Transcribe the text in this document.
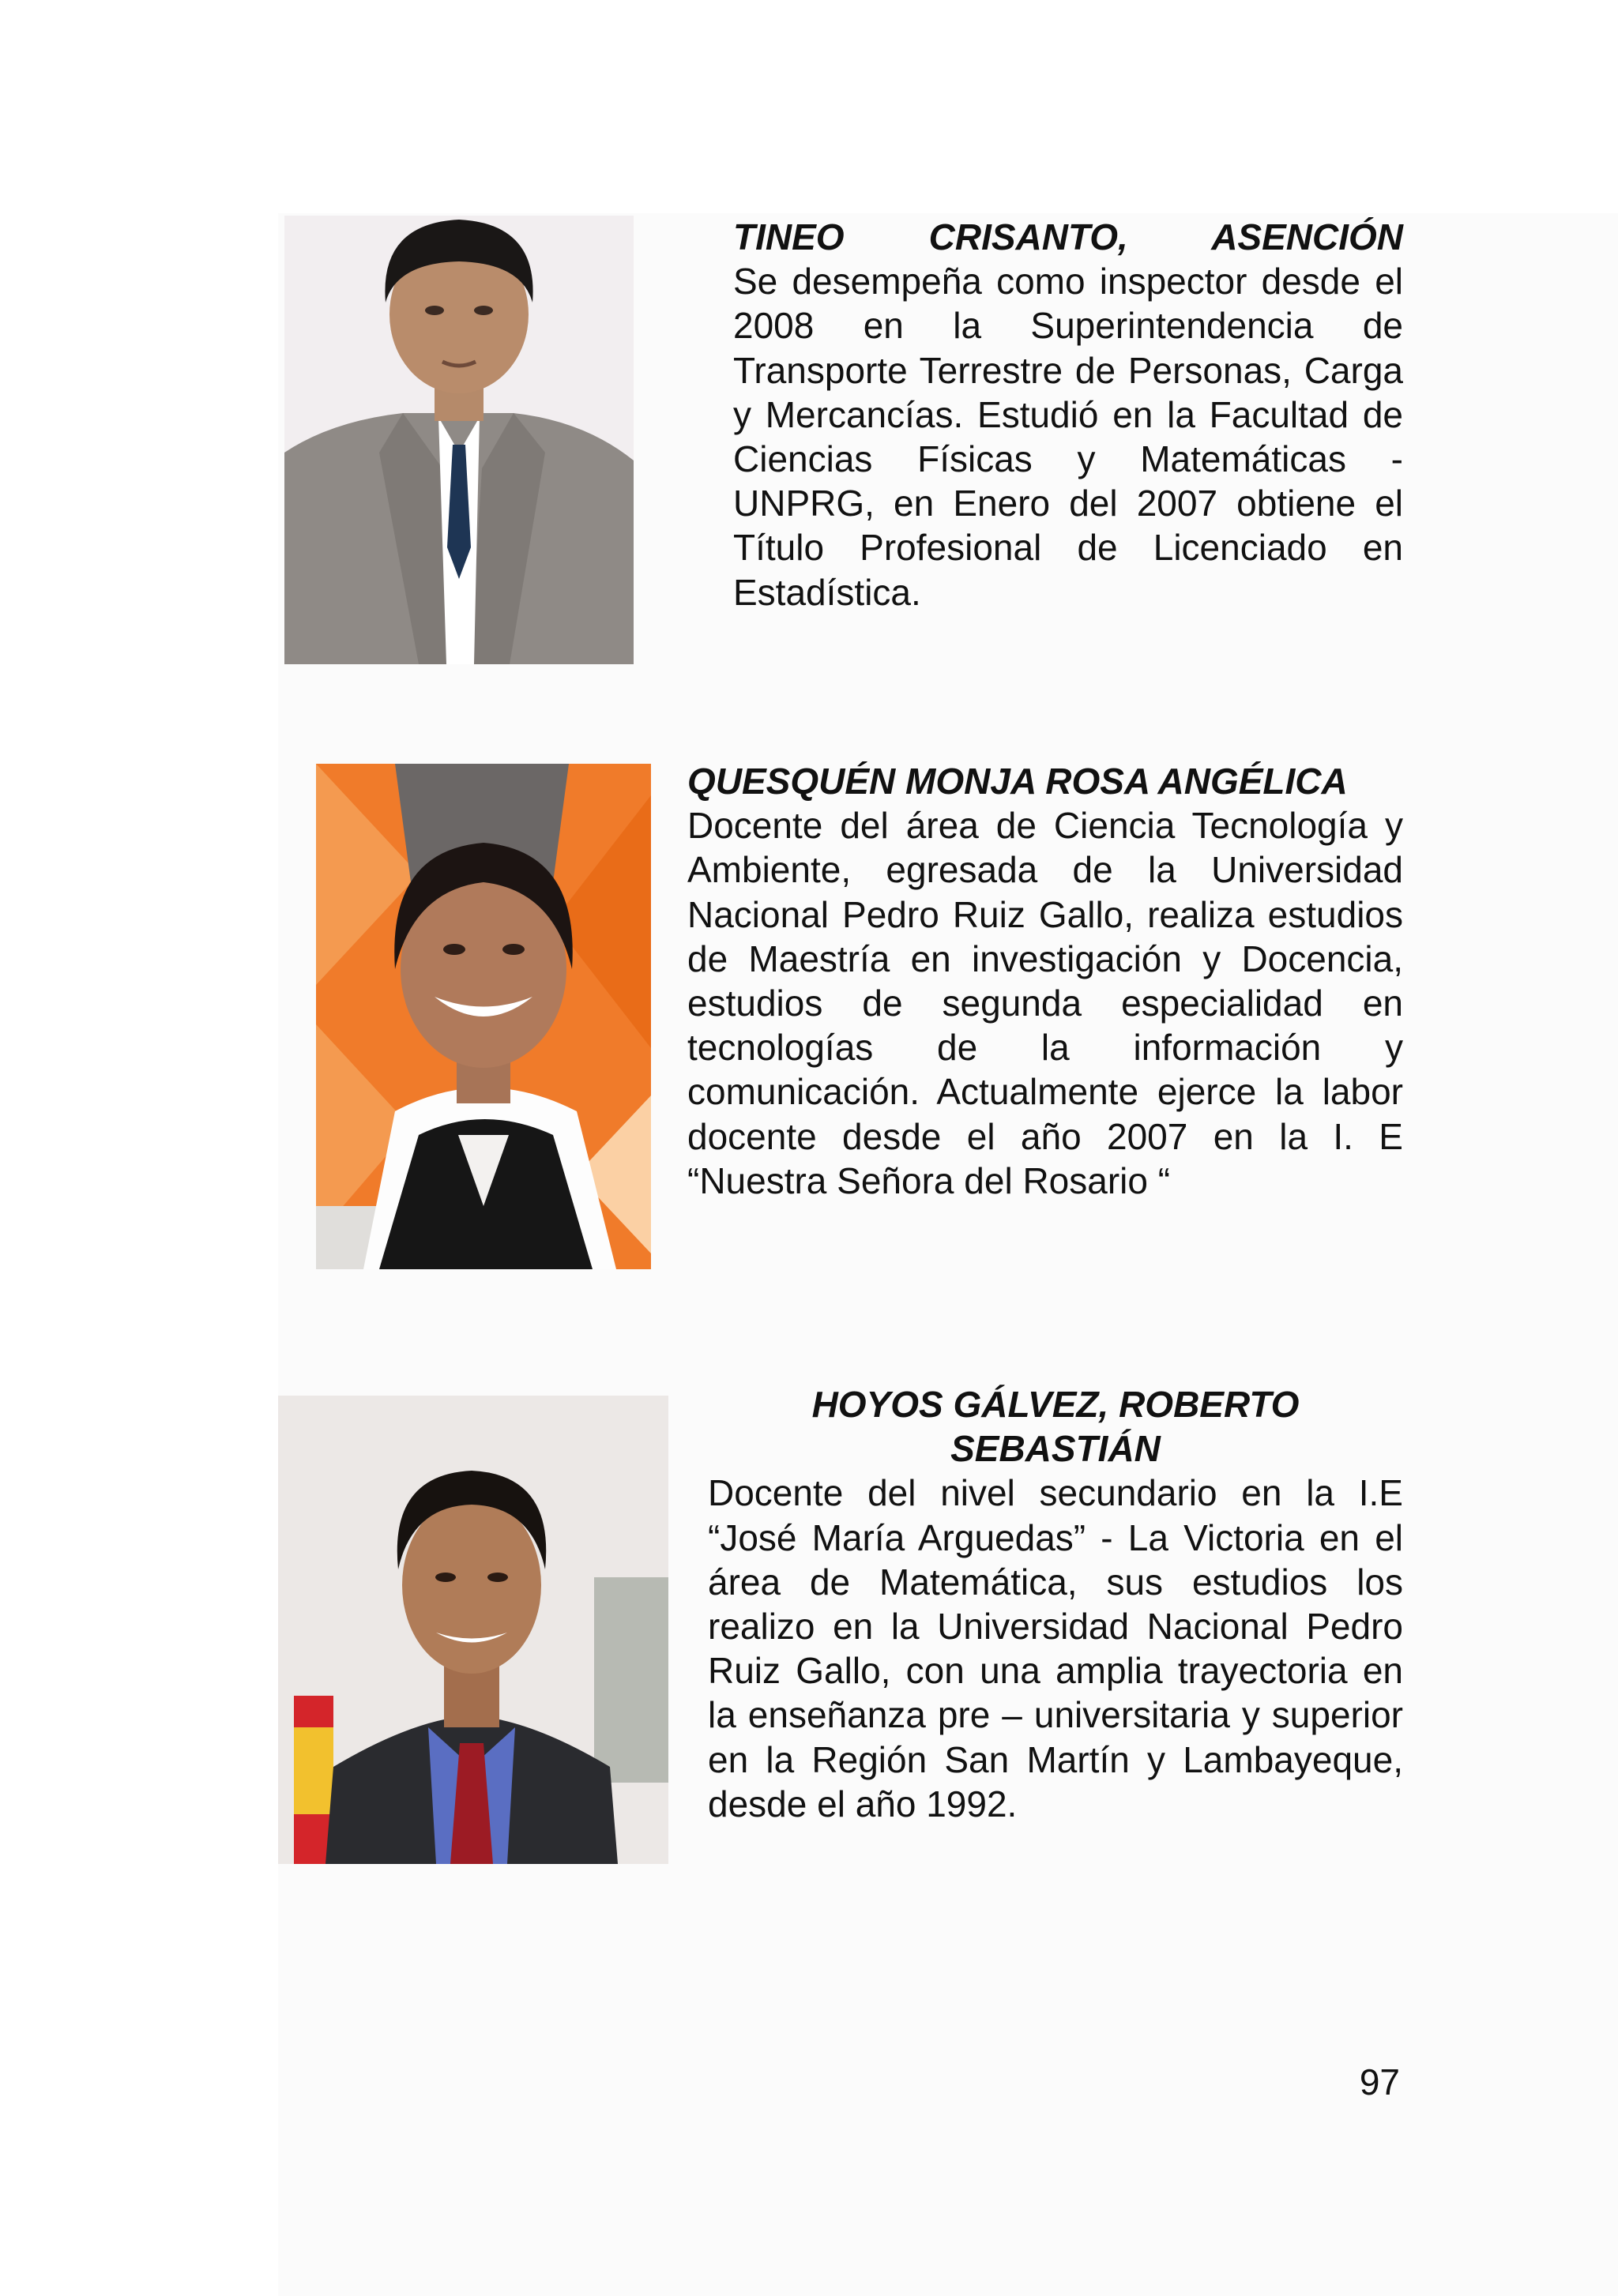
TINEO CRISANTO, ASENCIÓN
Se desempeña como inspector desde el 2008 en la Superintendencia de Transporte Terrestre de Personas, Carga y Mercancías. Estudió en la Facultad de Ciencias Físicas y Matemáticas - UNPRG, en Enero del 2007 obtiene el Título Profesional de Licenciado en Estadística.
QUESQUÉN MONJA ROSA ANGÉLICA
Docente del área de Ciencia Tecnología y Ambiente, egresada de la Universidad Nacional Pedro Ruiz Gallo, realiza estudios de Maestría en investigación y Docencia, estudios de segunda especialidad en tecnologías de la información y comunicación. Actualmente ejerce la labor docente desde el año 2007 en la I. E “Nuestra Señora del Rosario “
HOYOS GÁLVEZ, ROBERTO SEBASTIÁN
Docente del nivel secundario en la I.E “José María Arguedas” - La Victoria en el área de Matemática, sus estudios los realizo en la Universidad Nacional Pedro Ruiz Gallo, con una amplia trayectoria en la enseñanza pre – universitaria y superior en la Región San Martín y Lambayeque, desde el año 1992.
97
